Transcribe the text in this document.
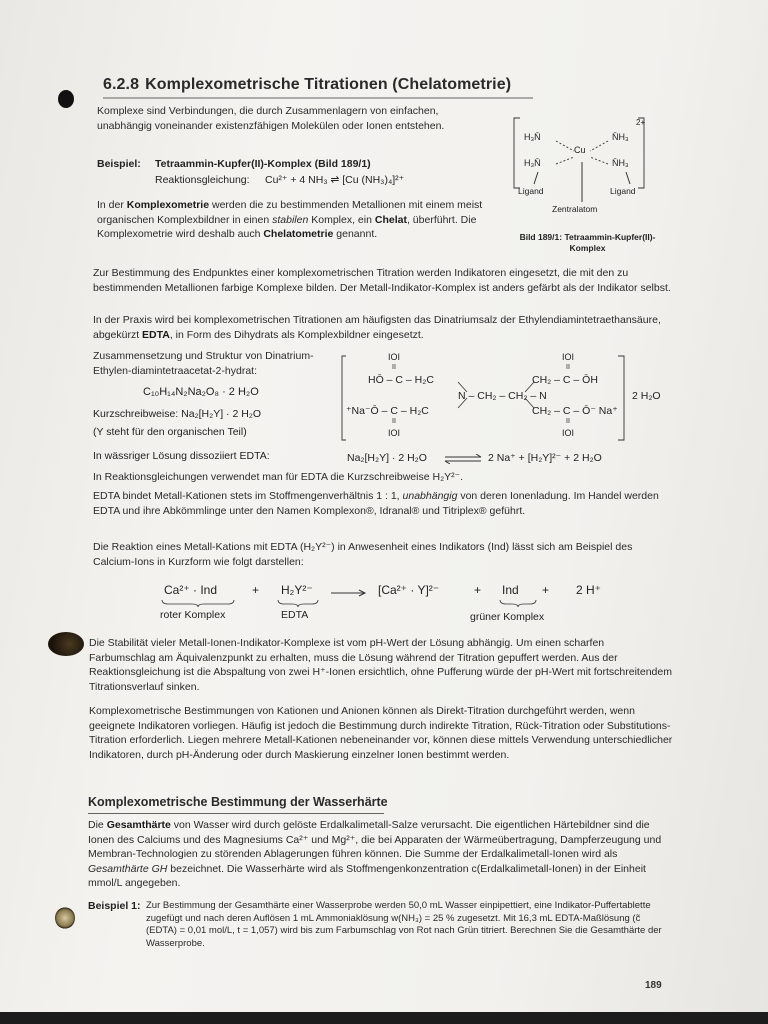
6.2.8 Komplexometrische Titrationen (Chelatometrie)

Komplexe sind Verbindungen, die durch Zusammenlagern von einfachen, unabhängig voneinander existenzfähigen Molekülen oder Ionen entstehen.

Beispiel: Tetraammin-Kupfer(II)-Komplex (Bild 189/1)
Reaktionsgleichung: Cu²⁺ + 4 NH₃ ⇌ [Cu (NH₃)₄]²⁺

In der Komplexometrie werden die zu bestimmenden Metallionen mit einem meist organischen Komplexbildner in einen stabilen Komplex, ein Chelat, überführt. Die Komplexometrie wird deshalb auch Chelatometrie genannt.

H₃N̄	N̄H₃
H₃N̄	N̄H₃
Cu
2+
Ligand	Ligand
Zentralatom

Bild 189/1: Tetraammin-Kupfer(II)-Komplex

Zur Bestimmung des Endpunktes einer komplexometrischen Titration werden Indikatoren eingesetzt, die mit den zu bestimmenden Metallionen farbige Komplexe bilden. Der Metall-Indikator-Komplex ist anders gefärbt als der Indikator selbst.

In der Praxis wird bei komplexometrischen Titrationen am häufigsten das Dinatriumsalz der Ethylendiamintetraethansäure, abgekürzt EDTA, in Form des Dihydrats als Komplexbildner eingesetzt.

Zusammensetzung und Struktur von Dinatrium-Ethylen-diamintetraacetat-2-hydrat:

C₁₀H₁₄N₂Na₂O₈ · 2 H₂O
Kurzschreibweise: Na₂[H₂Y] · 2 H₂O
(Y steht für den organischen Teil)
IOI	IOI
II	II
HŌ – C – H₂C	CH₂ – C – ŌH
N – CH₂ – CH₂ – N
⁺Na⁻Ō – C – H₂C	CH₂ – C – Ō⁻ Na⁺
II	II
IOI	IOI
2 H₂O
In wässriger Lösung dissoziiert EDTA:	Na₂[H₂Y] · 2 H₂O ⇌ 2 Na⁺ + [H₂Y]²⁻ + 2 H₂O

In Reaktionsgleichungen verwendet man für EDTA die Kurzschreibweise H₂Y²⁻.

EDTA bindet Metall-Kationen stets im Stoffmengenverhältnis 1 : 1, unabhängig von deren Ionenladung. Im Handel werden EDTA und ihre Abkömmlinge unter den Namen Komplexon®, Idranal® und Titriplex® geführt.

Die Reaktion eines Metall-Kations mit EDTA (H₂Y²⁻) in Anwesenheit eines Indikators (Ind) lässt sich am Beispiel des Calcium-Ions in Kurzform wie folgt darstellen:

Ca²⁺ · Ind	+ H₂Y²⁻ → [Ca²⁺ · Y]²⁻	+ Ind + 2 H⁺
roter Komplex	EDTA	grüner Komplex

Die Stabilität vieler Metall-Ionen-Indikator-Komplexe ist vom pH-Wert der Lösung abhängig. Um einen scharfen Farbumschlag am Äquivalenzpunkt zu erhalten, muss die Lösung während der Titration gepuffert werden. Aus der Reaktionsgleichung ist die Abspaltung von zwei H⁺-Ionen ersichtlich, ohne Pufferung würde der pH-Wert mit fortschreitendem Titrationsverlauf sinken.

Komplexometrische Bestimmungen von Kationen und Anionen können als Direkt-Titration durchgeführt werden, wenn geeignete Indikatoren vorliegen. Häufig ist jedoch die Bestimmung durch indirekte Titration, Rück-Titration oder Substitutions-Titration erforderlich. Liegen mehrere Metall-Kationen nebeneinander vor, können diese mittels Verwendung unterschiedlicher Indikatoren, durch pH-Änderung oder durch Maskierung einzelner Ionen bestimmt werden.

Komplexometrische Bestimmung der Wasserhärte

Die Gesamthärte von Wasser wird durch gelöste Erdalkalimetall-Salze verursacht. Die eigentlichen Härtebildner sind die Ionen des Calciums und des Magnesiums Ca²⁺ und Mg²⁺, die bei Apparaten der Wärmeübertragung, Dampferzeugung und Membran-Technologien zu störenden Ablagerungen führen können. Die Summe der Erdalkalimetall-Ionen wird als Gesamthärte GH bezeichnet. Die Wasserhärte wird als Stoffmengenkonzentration c(Erdalkalimetall-Ionen) in der Einheit mmol/L angegeben.

Beispiel 1: Zur Bestimmung der Gesamthärte einer Wasserprobe werden 50,0 mL Wasser einpipettiert, eine Indikator-Puffertablette zugefügt und nach deren Auflösen 1 mL Ammoniaklösung w(NH₃) = 25 % zugesetzt. Mit 16,3 mL EDTA-Maßlösung (c̃ (EDTA) = 0,01 mol/L, t = 1,057) wird bis zum Farbumschlag von Rot nach Grün titriert. Berechnen Sie die Gesamthärte der Wasserprobe.

189
